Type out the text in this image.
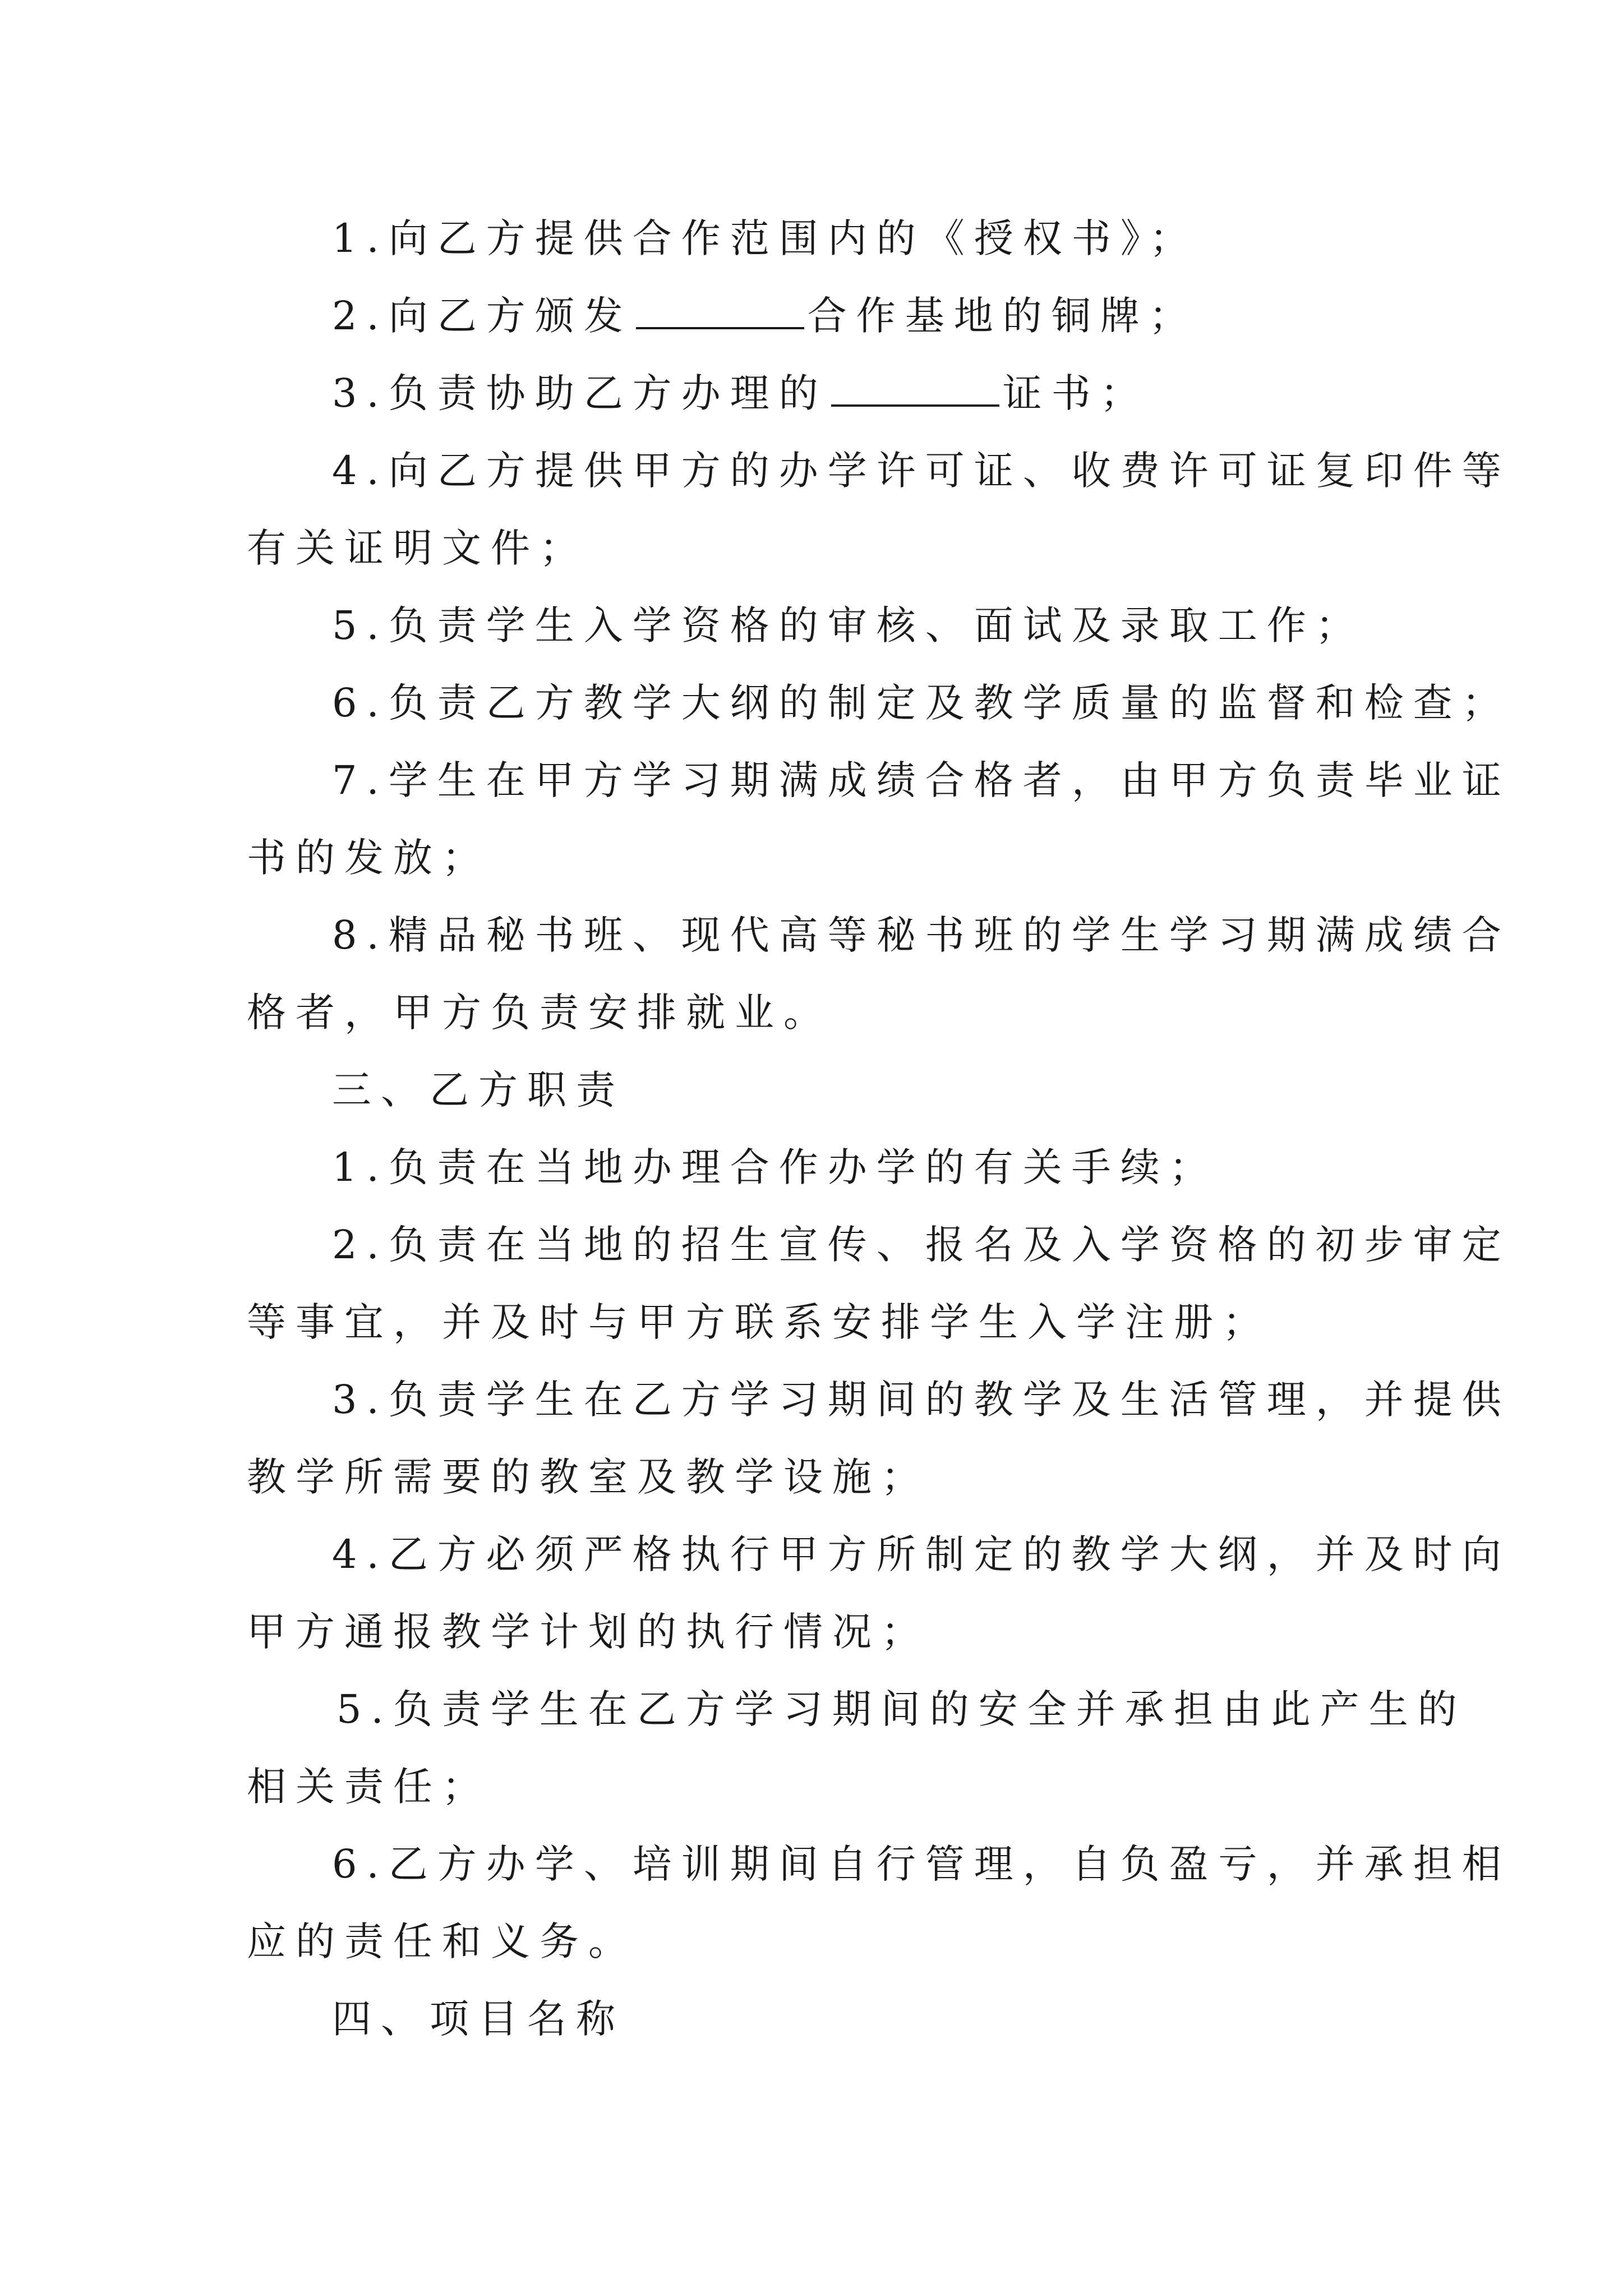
1.向乙方提供合作范围内的《授权书》；
2.向乙方颁发	合作基地的铜牌；
3.负责协助乙方办理的	证书；
4.向乙方提供甲方的办学许可证、收费许可证复印件等
有关证明文件；
5.负责学生入学资格的审核、面试及录取工作；
6.负责乙方教学大纲的制定及教学质量的监督和检查；
7.学生在甲方学习期满成绩合格者，由甲方负责毕业证
书的发放；
8.精品秘书班、现代高等秘书班的学生学习期满成绩合
格者，甲方负责安排就业。
三、乙方职责
1.负责在当地办理合作办学的有关手续；
2.负责在当地的招生宣传、报名及入学资格的初步审定
等事宜，并及时与甲方联系安排学生入学注册；
3.负责学生在乙方学习期间的教学及生活管理，并提供
教学所需要的教室及教学设施；
4.乙方必须严格执行甲方所制定的教学大纲，并及时向
甲方通报教学计划的执行情况；
5.负责学生在乙方学习期间的安全并承担由此产生的
相关责任；
6.乙方办学、培训期间自行管理，自负盈亏，并承担相
应的责任和义务。
四、项目名称
